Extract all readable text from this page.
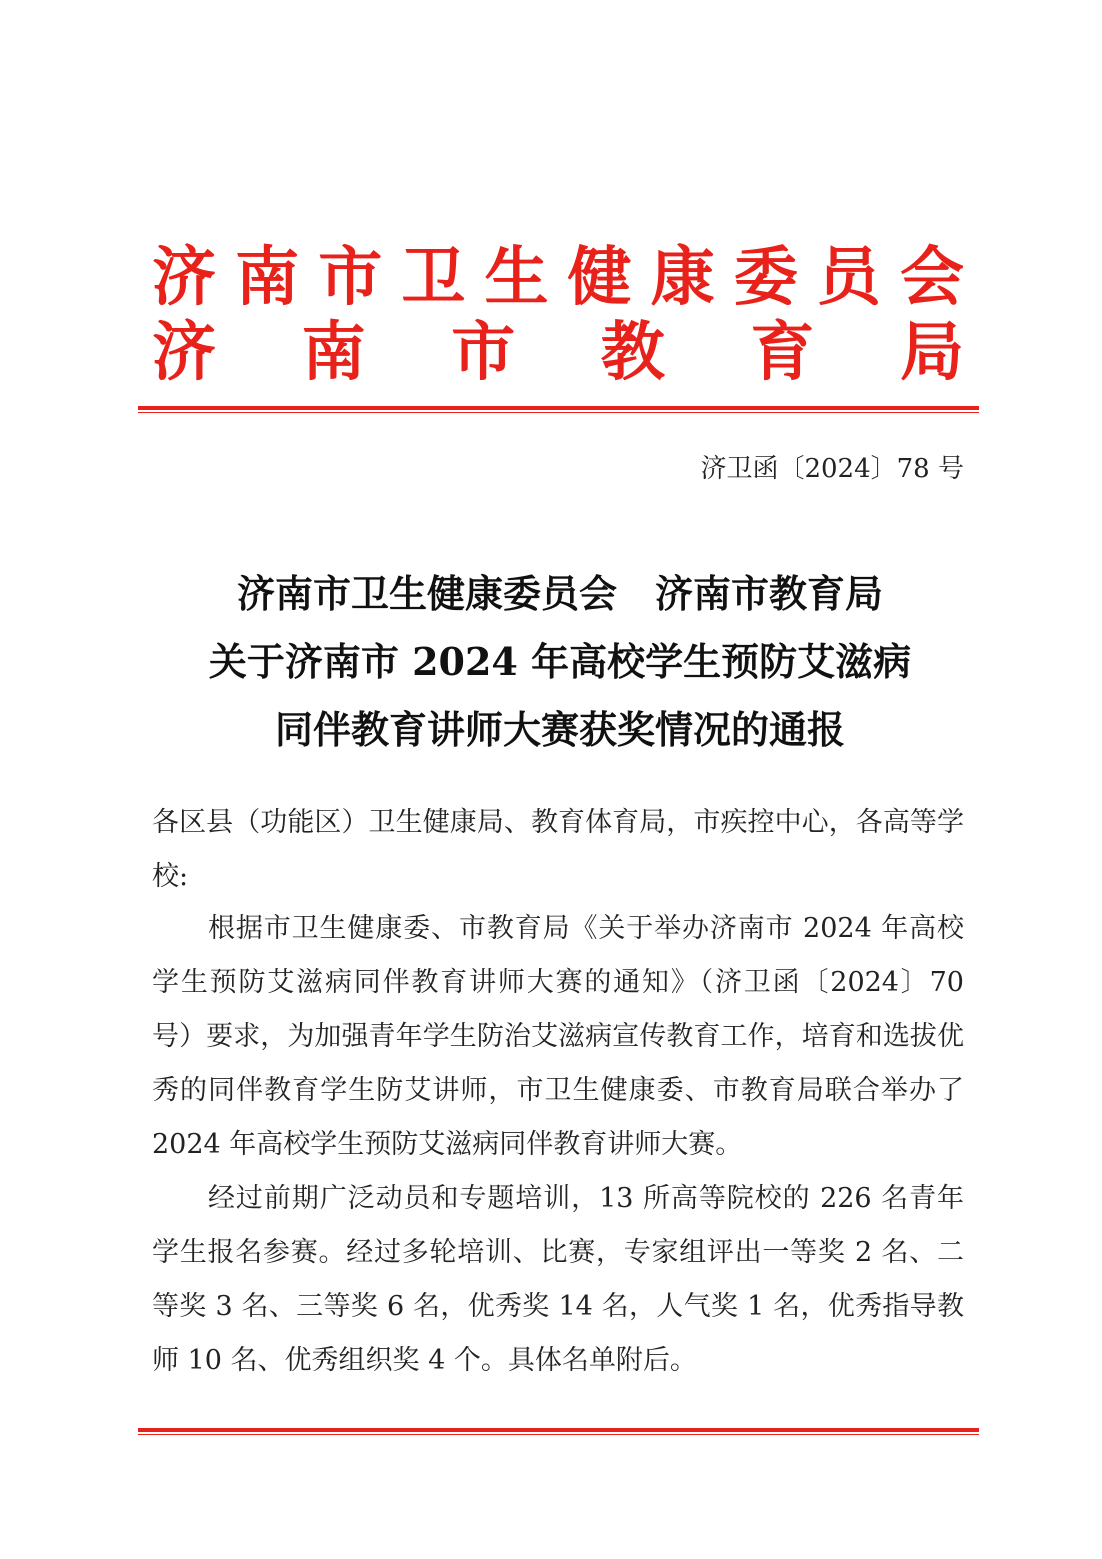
济 南 市 卫 生 健 康 委 员 会
济 南 市 教 育 局
济卫函〔2024〕78 号
济南市卫生健康委员会　济南市教育局
关于济南市 2024 年高校学生预防艾滋病
同伴教育讲师大赛获奖情况的通报
各区县（功能区）卫生健康局、教育体育局，市疾控中心，各高等学校:
根据市卫生健康委、市教育局《关于举办济南市 2024 年高校学生预防艾滋病同伴教育讲师大赛的通知》（济卫函〔2024〕70 号）要求，为加强青年学生防治艾滋病宣传教育工作，培育和选拔优秀的同伴教育学生防艾讲师，市卫生健康委、市教育局联合举办了 2024 年高校学生预防艾滋病同伴教育讲师大赛。
经过前期广泛动员和专题培训，13 所高等院校的 226 名青年学生报名参赛。经过多轮培训、比赛，专家组评出一等奖 2 名、二等奖 3 名、三等奖 6 名，优秀奖 14 名，人气奖 1 名，优秀指导教师 10 名、优秀组织奖 4 个。具体名单附后。
